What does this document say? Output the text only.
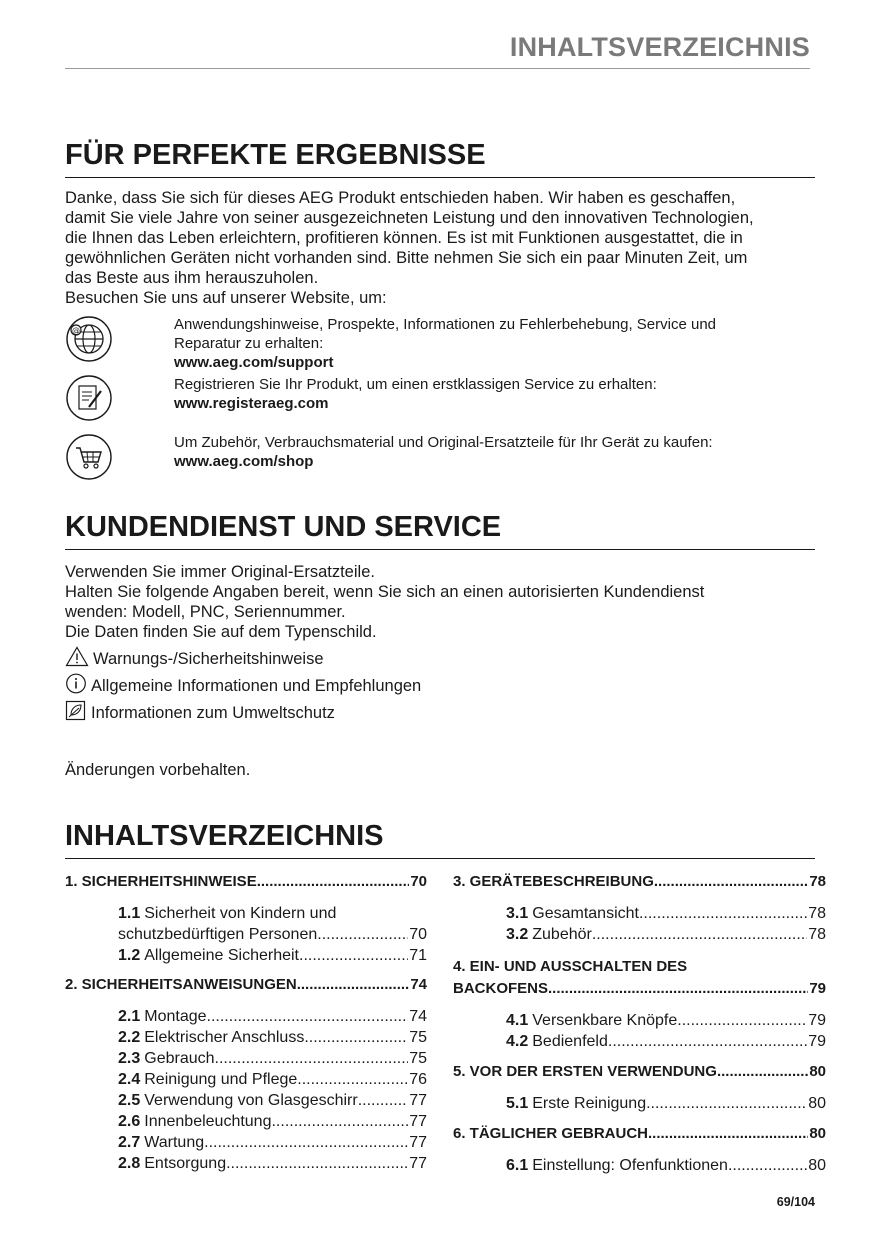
INHALTSVERZEICHNIS
FÜR PERFEKTE ERGEBNISSE
Danke, dass Sie sich für dieses AEG Produkt entschieden haben. Wir haben es geschaffen,
damit Sie viele Jahre von seiner ausgezeichneten Leistung und den innovativen Technologien,
die Ihnen das Leben erleichtern, profitieren können. Es ist mit Funktionen ausgestattet, die in
gewöhnlichen Geräten nicht vorhanden sind. Bitte nehmen Sie sich ein paar Minuten Zeit, um
das Beste aus ihm herauszuholen.
Besuchen Sie uns auf unserer Website, um:
@	Anwendungshinweise, Prospekte, Informationen zu Fehlerbehebung, Service und
Reparatur zu erhalten:
www.aeg.com/support
Registrieren Sie Ihr Produkt, um einen erstklassigen Service zu erhalten:
www.registeraeg.com
Um Zubehör, Verbrauchsmaterial und Original-Ersatzteile für Ihr Gerät zu kaufen:
www.aeg.com/shop
KUNDENDIENST UND SERVICE
Verwenden Sie immer Original-Ersatzteile.
Halten Sie folgende Angaben bereit, wenn Sie sich an einen autorisierten Kundendienst
wenden: Modell, PNC, Seriennummer.
Die Daten finden Sie auf dem Typenschild.
Warnungs-/Sicherheitshinweise
Allgemeine Informationen und Empfehlungen
Informationen zum Umweltschutz
Änderungen vorbehalten.
INHALTSVERZEICHNIS
1. SICHERHEITSHINWEISE .....	70
1.1 Sicherheit von Kindern und
schutzbedürftigen Personen .....	70
1.2 Allgemeine Sicherheit .....	71
2. SICHERHEITSANWEISUNGEN .....	74
2.1 Montage .....	74
2.2 Elektrischer Anschluss .....	75
2.3 Gebrauch .....	75
2.4 Reinigung und Pflege .....	76
2.5 Verwendung von Glasgeschirr .....	77
2.6 Innenbeleuchtung .....	77
2.7 Wartung .....	77
2.8 Entsorgung .....	77
3. GERÄTEBESCHREIBUNG .....	78
3.1 Gesamtansicht .....	78
3.2 Zubehör .....	78
4. EIN- UND AUSSCHALTEN DES
BACKOFENS .....	79
4.1 Versenkbare Knöpfe .....	79
4.2 Bedienfeld .....	79
5. VOR DER ERSTEN VERWENDUNG .....	80
5.1 Erste Reinigung .....	80
6. TÄGLICHER GEBRAUCH .....	80
6.1 Einstellung: Ofenfunktionen .....	80
69/104
